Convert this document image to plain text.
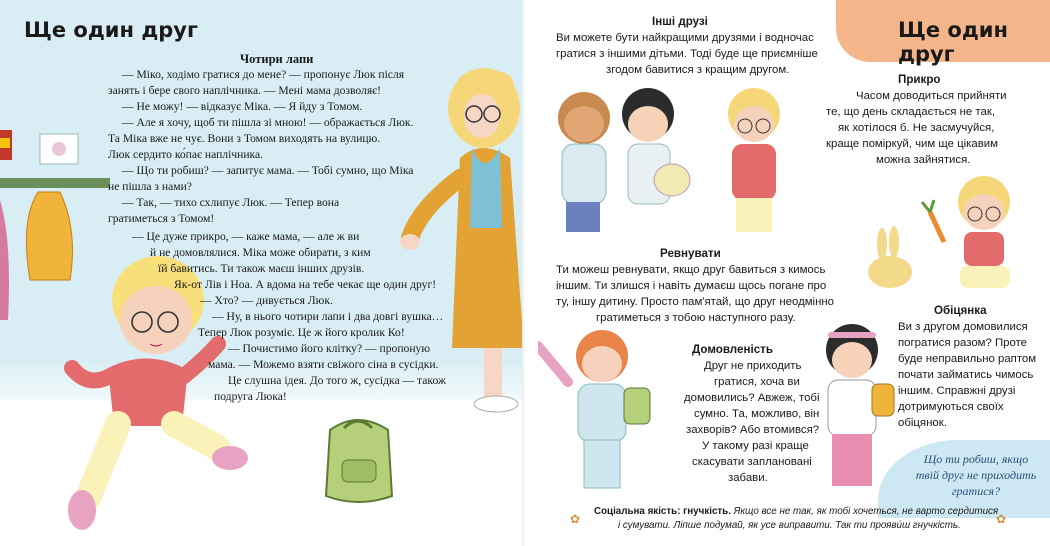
Ще один друг
Чотири лапи
— Міко, ходімо гратися до мене? — пропонує Люк після
занять і бере свого наплічника. — Мені мама дозволяє!
— Не можу! — відказує Міка. — Я йду з Томом.
— Але я хочу, щоб ти пішла зі мною! — ображається Люк.
Та Міка вже не чує. Вони з Томом виходять на вулицю.
Люк сердито ко́пає наплічника.
— Що ти робиш? — запитує мама. — Тобі сумно, що Міка
не пішла з нами?
— Так, — тихо схлипує Люк. — Тепер вона
гратиметься з Томом!
— Це дуже прикро, — каже мама, — але ж ви
й не домовлялися. Міка може обирати, з ким
їй бавитись. Ти також маєш інших друзів.
Як-от Лів і Ноа. А вдома на тебе чекає ще один друг!
— Хто? — дивується Люк.
— Ну, в нього чотири лапи і два довгі вушка…
Тепер Люк розуміє. Це ж його кролик Ко!
— Почистимо його клітку? — пропоную
мама. — Можемо взяти свіжого сіна в сусідки.
Це слушна ідея. До того ж, сусідка — також
подруга Люка!
Ще один друг
Інші друзі
Ви можете бути найкращими друзями і водночас
гратися з іншими дітьми. Тоді буде ще приємніше
згодом бавитися з кращим другом.
Прикро
Часом доводиться прийняти
те, що день складається не так,
як хотілося б. Не засмучуйся,
краще поміркуй, чим ще цікавим
можна зайнятися.
Ревнувати
Ти можеш ревнувати, якщо друг бавиться з кимось
іншим. Ти злишся і навіть думаєш щось погане про
ту, іншу дитину. Просто пам'ятай, що друг неодмінно
гратиметься з тобою наступного разу.
Обіцянка
Ви з другом домовилися
погратися разом? Проте
буде неправильно раптом
почати займатись чимось
іншим. Справжні друзі
дотримуються своїх
обіцянок.
Домовленість
Друг не приходить
гратися, хоча ви
домовились? Авжеж, тобі
сумно. Та, можливо, він
захворів? Або втомився?
У такому разі краще
скасувати заплановані
забави.
Що ти робиш, якщо
твій друг не приходить
гратися?
✿
Соціальна якість: гнучкість. Якщо все не так, як тобі хочеться, не варто сердитися
і сумувати. Ліпше подумай, як усе виправити. Так ти прояви́ш гнучкість.	✿
